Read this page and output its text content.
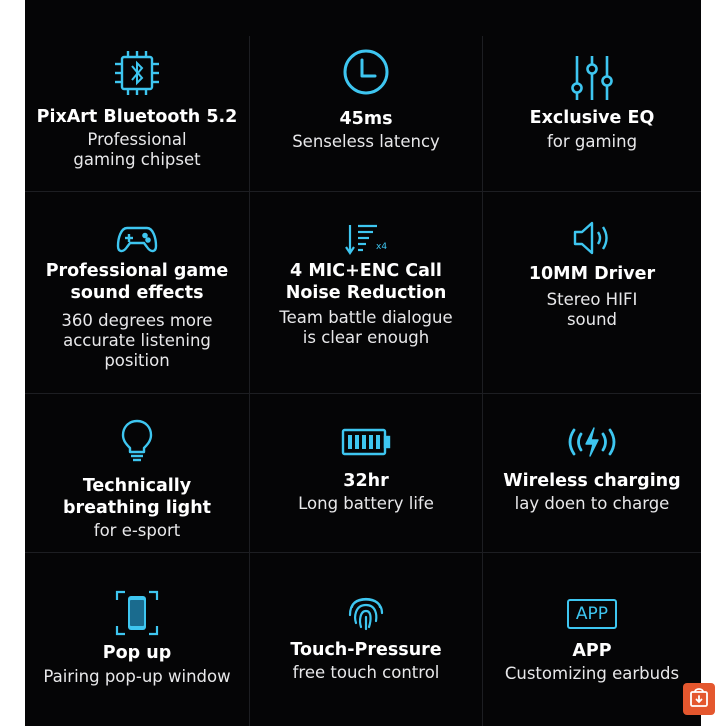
PixArt Bluetooth 5.2
Professional gaming chipset
45ms
Senseless latency
Exclusive EQ
for gaming
Professional game sound effects
360 degrees more accurate listening position
x4
4 MIC+ENC Call Noise Reduction
Team battle dialogue is clear enough
10MM Driver
Stereo HIFI sound
Technically breathing light
for e-sport
32hr
Long battery life
Wireless charging
lay doen to charge
Pop up
Pairing pop-up window
Touch-Pressure
free touch control
APP
APP
Customizing earbuds
